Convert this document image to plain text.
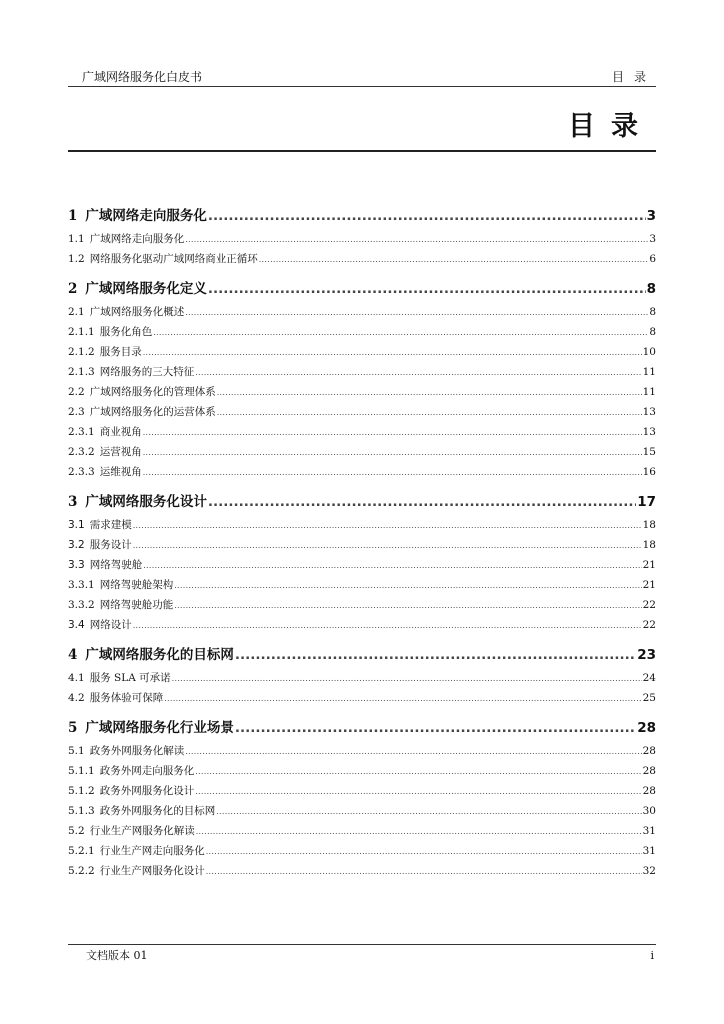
广域网络服务化白皮书	目录
目录
1 广域网络走向服务化 .....	3
1.1 广域网络走向服务化 .....	3
1.2 网络服务化驱动广域网络商业正循环 .....	6
2 广域网络服务化定义 .....	8
2.1 广域网络服务化概述 .....	8
2.1.1 服务化角色 .....	8
2.1.2 服务目录 .....	10
2.1.3 网络服务的三大特征 .....	11
2.2 广域网络服务化的管理体系 .....	11
2.3 广域网络服务化的运营体系 .....	13
2.3.1 商业视角 .....	13
2.3.2 运营视角 .....	15
2.3.3 运维视角 .....	16
3 广域网络服务化设计 .....	17
3.1 需求建模 .....	18
3.2 服务设计 .....	18
3.3 网络驾驶舱 .....	21
3.3.1 网络驾驶舱架构 .....	21
3.3.2 网络驾驶舱功能 .....	22
3.4 网络设计 .....	22
4 广域网络服务化的目标网 .....	23
4.1 服务 SLA 可承诺 .....	24
4.2 服务体验可保障 .....	25
5 广域网络服务化行业场景 .....	28
5.1 政务外网服务化解读 .....	28
5.1.1 政务外网走向服务化 .....	28
5.1.2 政务外网服务化设计 .....	28
5.1.3 政务外网服务化的目标网 .....	30
5.2 行业生产网服务化解读 .....	31
5.2.1 行业生产网走向服务化 .....	31
5.2.2 行业生产网服务化设计 .....	32
文档版本 01	i
